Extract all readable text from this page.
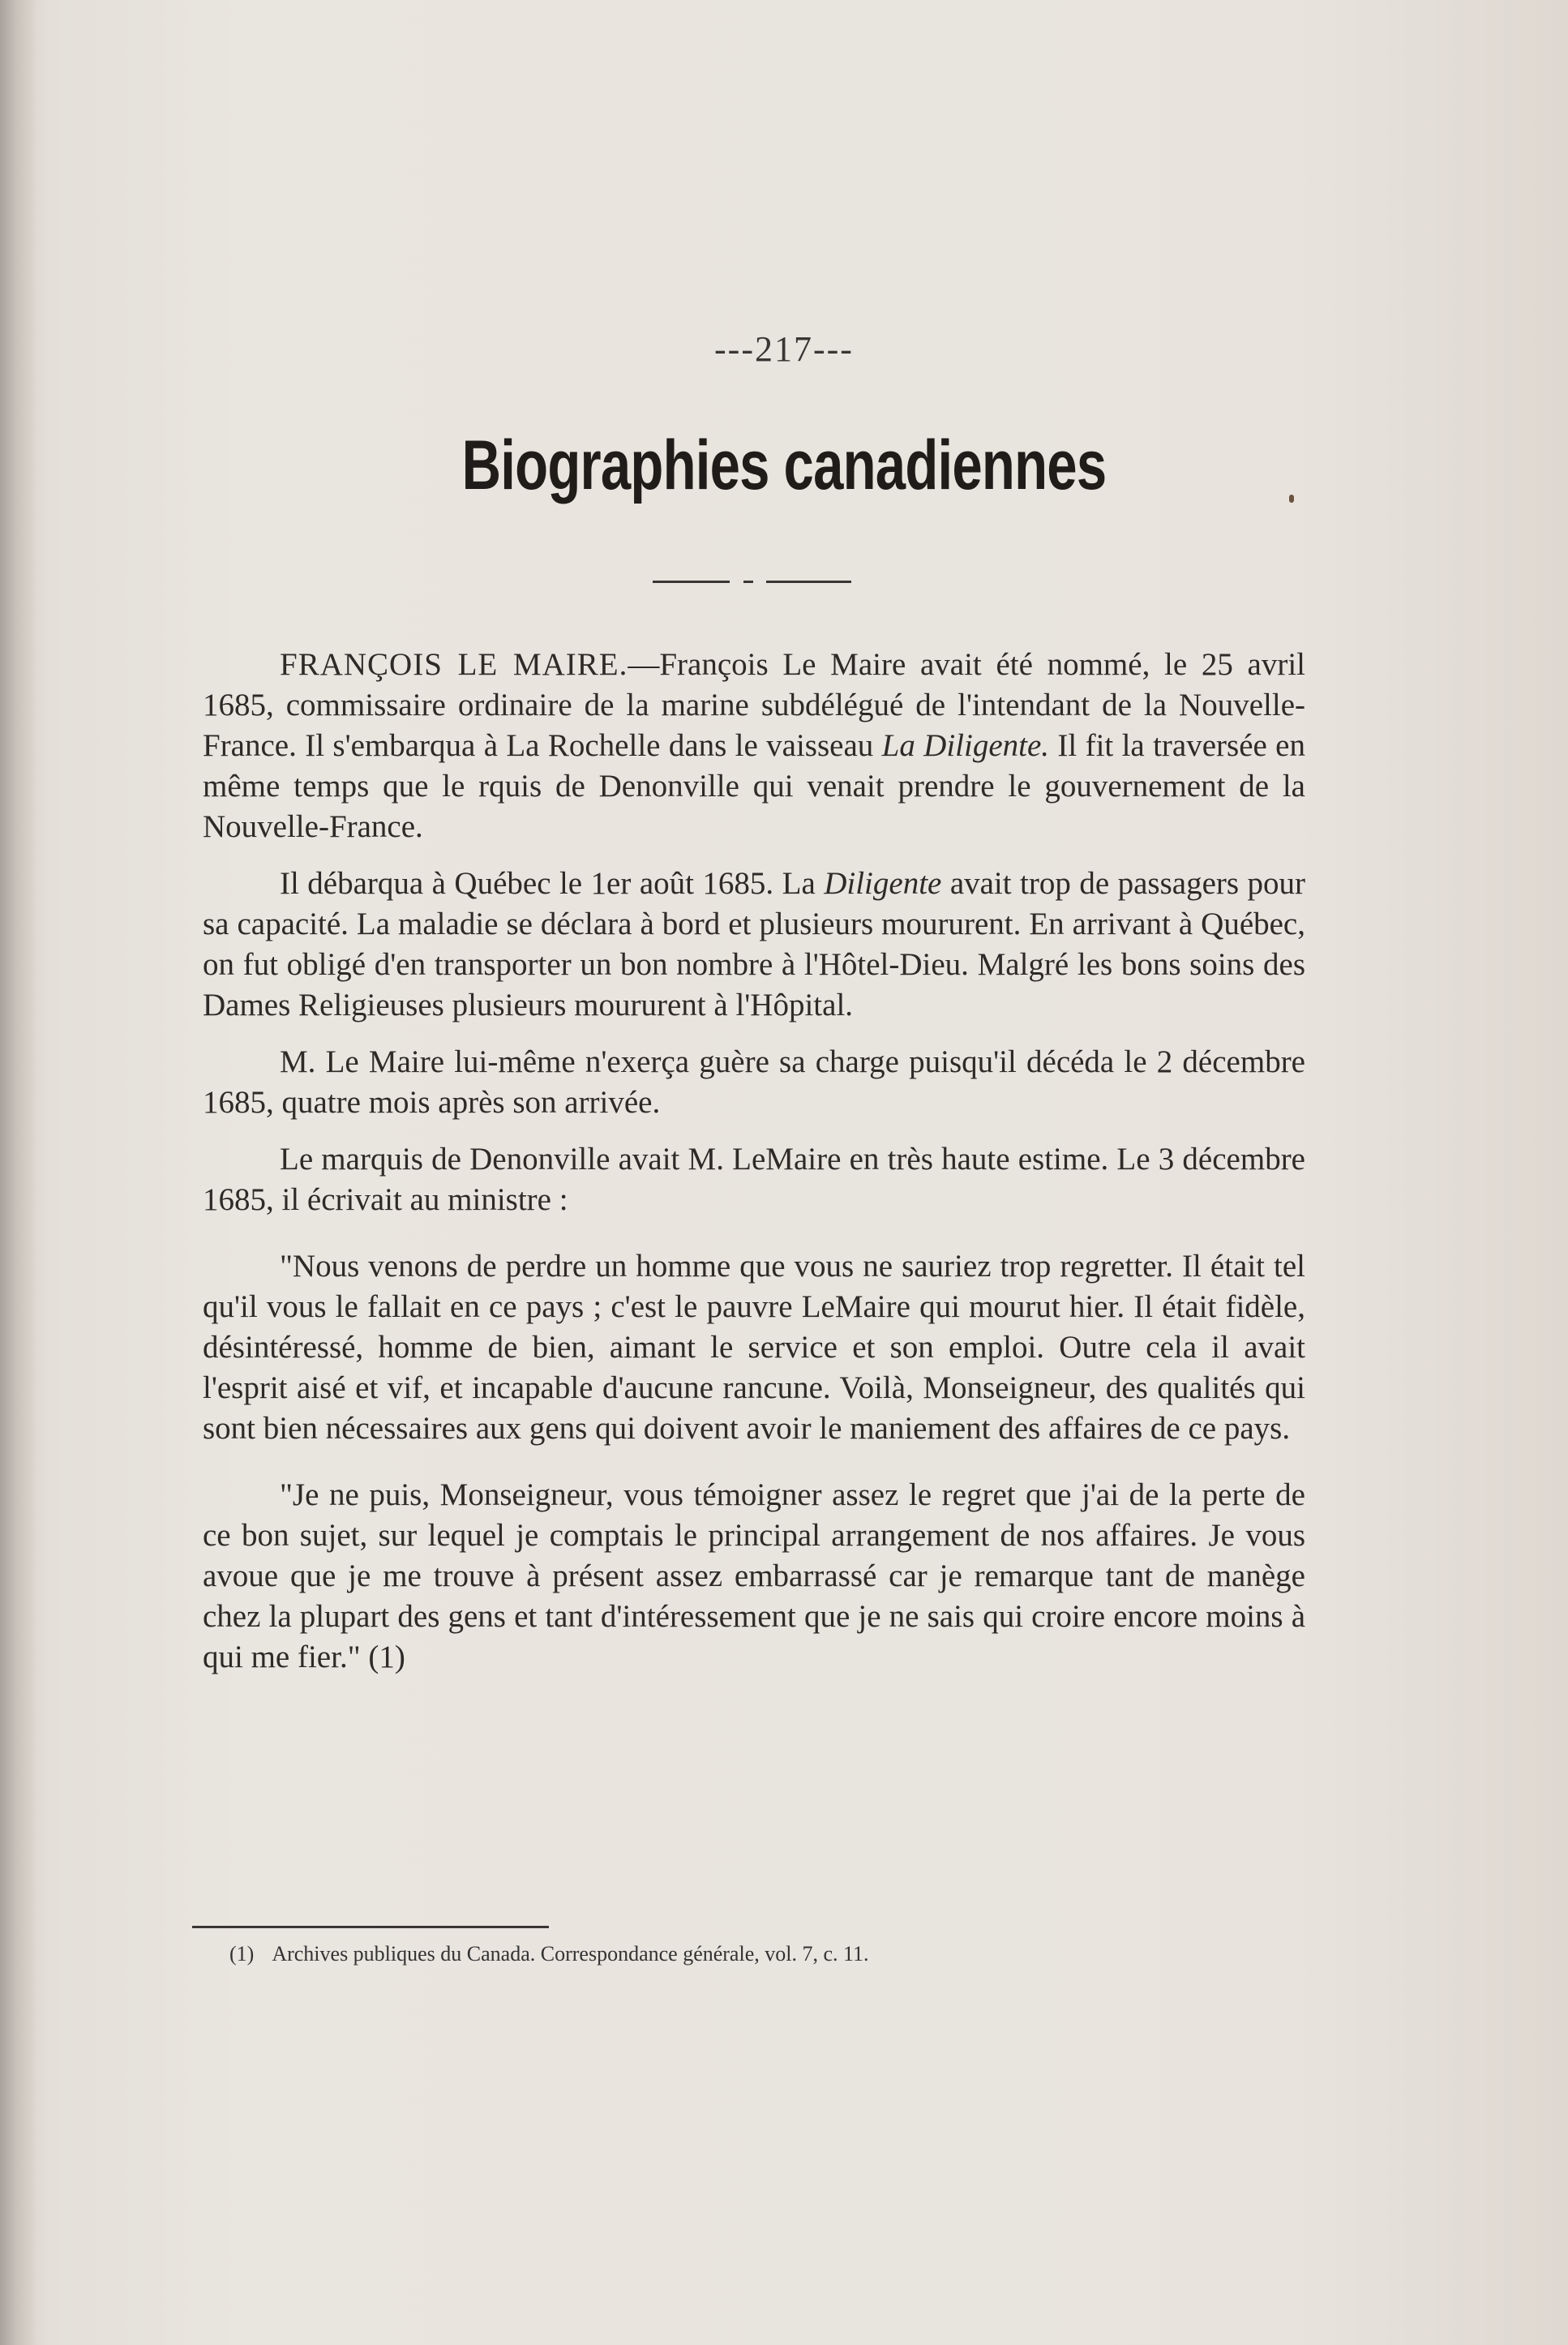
---217---
Biographies canadiennes

FRANÇOIS LE MAIRE.—François Le Maire avait été nommé, le 25 avril 1685, commissaire ordinaire de la marine subdélégué de l'intendant de la Nouvelle-France. Il s'embarqua à La Rochelle dans le vaisseau La Diligente. Il fit la traversée en même temps que le rquis de Denonville qui venait prendre le gouvernement de la Nouvelle-France.

Il débarqua à Québec le 1er août 1685. La Diligente avait trop de passagers pour sa capacité. La maladie se déclara à bord et plusieurs moururent. En arrivant à Québec, on fut obligé d'en transporter un bon nombre à l'Hôtel-Dieu. Malgré les bons soins des Dames Religieuses plusieurs moururent à l'Hôpital.

M. Le Maire lui-même n'exerça guère sa charge puisqu'il décéda le 2 décembre 1685, quatre mois après son arrivée.

Le marquis de Denonville avait M. LeMaire en très haute estime. Le 3 décembre 1685, il écrivait au ministre :

"Nous venons de perdre un homme que vous ne sauriez trop regretter. Il était tel qu'il vous le fallait en ce pays ; c'est le pauvre LeMaire qui mourut hier. Il était fidèle, désintéressé, homme de bien, aimant le service et son emploi. Outre cela il avait l'esprit aisé et vif, et incapable d'aucune rancune. Voilà, Monseigneur, des qualités qui sont bien nécessaires aux gens qui doivent avoir le maniement des affaires de ce pays.

"Je ne puis, Monseigneur, vous témoigner assez le regret que j'ai de la perte de ce bon sujet, sur lequel je comptais le principal arrangement de nos affaires. Je vous avoue que je me trouve à présent assez embarrassé car je remarque tant de manège chez la plupart des gens et tant d'intéressement que je ne sais qui croire encore moins à qui me fier." (1)

(1) Archives publiques du Canada. Correspondance générale, vol. 7, c. 11.
